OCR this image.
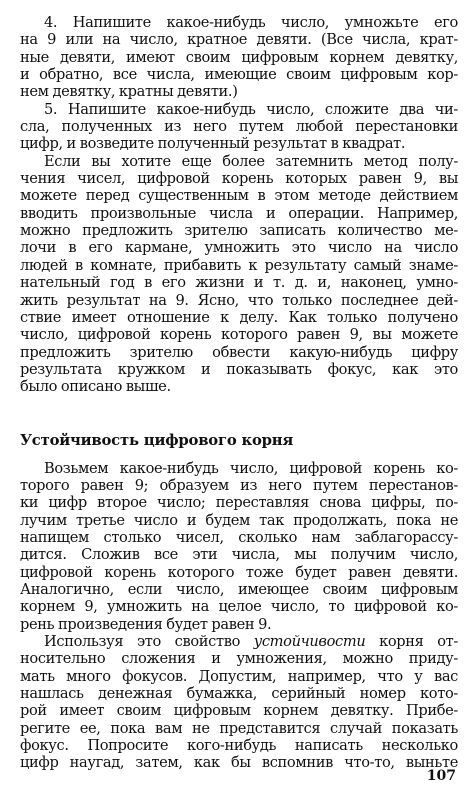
4. Напишите какое-нибудь число, умножьте его
на 9 или на число, кратное девяти. (Все числа, крат-
ные девяти, имеют своим цифровым корнем девятку,
и обратно, все числа, имеющие своим цифровым кор-
нем девятку, кратны девяти.)
5. Напишите какое-нибудь число, сложите два чи-
сла, полученных из него путем любой перестановки
цифр, и возведите полученный результат в квадрат.
Если вы хотите еще более затемнить метод полу-
чения чисел, цифровой корень которых равен 9, вы
можете перед существенным в этом методе действием
вводить произвольные числа и операции. Например,
можно предложить зрителю записать количество ме-
лочи в его кармане, умножить это число на число
людей в комнате, прибавить к результату самый знаме-
нательный год в его жизни и т. д. и, наконец, умно-
жить результат на 9. Ясно, что только последнее дей-
ствие имеет отношение к делу. Как только получено
число, цифровой корень которого равен 9, вы можете
предложить зрителю обвести какую-нибудь цифру
результата кружком и показывать фокус, как это
было описано выше.
Устойчивость цифрового корня
Возьмем какое-нибудь число, цифровой корень ко-
торого равен 9; образуем из него путем перестанов-
ки цифр второе число; переставляя снова цифры, по-
лучим третье число и будем так продолжать, пока не
напищем столько чисел, сколько нам заблагорассу-
дится. Сложив все эти числа, мы получим число,
цифровой корень которого тоже будет равен девяти.
Аналогично, если число, имеющее своим цифровым
корнем 9, умножить на целое число, то цифровой ко-
рень произведения будет равен 9.
Используя это свойство устойчивости корня от-
носительно сложения и умножения, можно приду-
мать много фокусов. Допустим, например, что у вас
нашлась денежная бумажка, серийный номер кото-
рой имеет своим цифровым корнем девятку. Прибе-
регите ее, пока вам не представится случай показать
фокус. Попросите кого-нибудь написать несколько
цифр наугад, затем, как бы вспомнив что-то, выньте
107
